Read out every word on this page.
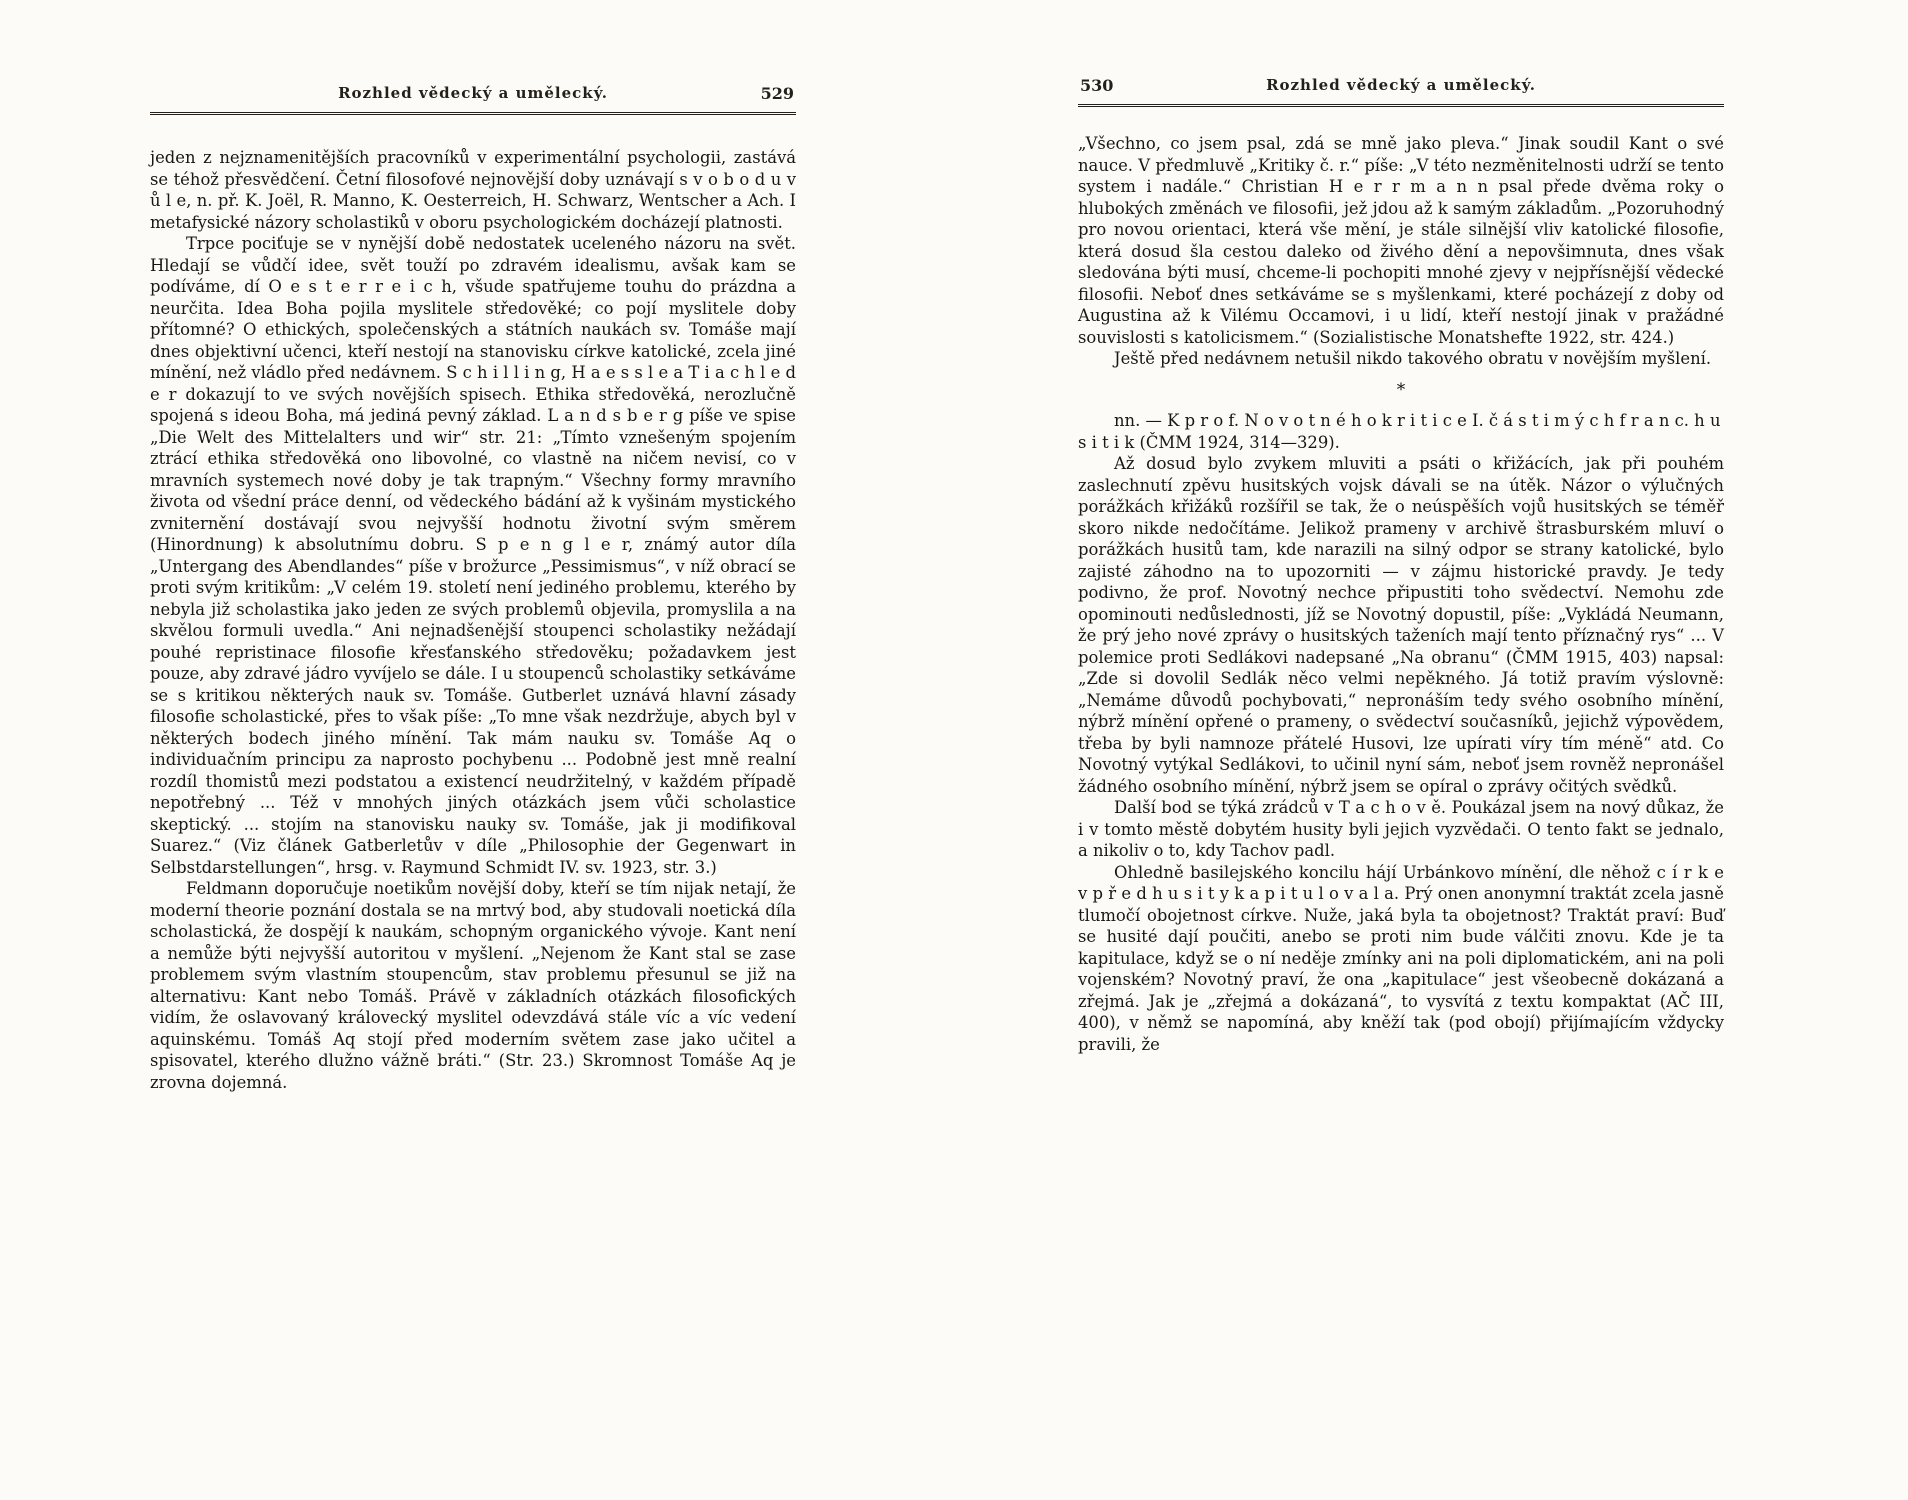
Rozhled vědecký a umělecký.	529

jeden z nejznamenitějších pracovníků v experimentální psychologii, zastává se téhož přesvědčení. Četní filosofové nejnovější doby uznávají s v o b o d u v ů l e, n. př. K. Joël, R. Manno, K. Oesterreich, H. Schwarz, Wentscher a Ach. I metafysické názory scholastiků v oboru psychologickém docházejí platnosti.

Trpce pociťuje se v nynější době nedostatek uceleného názoru na svět. Hledají se vůdčí idee, svět touží po zdravém idealismu, avšak kam se podíváme, dí O e s t e r r e i c h, všude spatřujeme touhu do prázdna a neurčita. Idea Boha pojila myslitele středověké; co pojí myslitele doby přítomné? O ethických, společenských a státních naukách sv. Tomáše mají dnes objektivní učenci, kteří nestojí na stanovisku církve katolické, zcela jiné mínění, než vládlo před nedávnem. S c h i l l i n g, H a e s s l e a T i a c h l e d e r dokazují to ve svých novějších spisech. Ethika středověká, nerozlučně spojená s ideou Boha, má jediná pevný základ. L a n d s b e r g píše ve spise „Die Welt des Mittelalters und wir“ str. 21: „Tímto vznešeným spojením ztrácí ethika středověká ono libovolné, co vlastně na ničem nevisí, co v mravních systemech nové doby je tak trapným.“ Všechny formy mravního života od všední práce denní, od vědeckého bádání až k vyšinám mystického zvniternění dostávají svou nejvyšší hodnotu životní svým směrem (Hinordnung) k absolutnímu dobru. S p e n g l e r, známý autor díla „Untergang des Abendlandes“ píše v brožurce „Pessimismus“, v níž obrací se proti svým kritikům: „V celém 19. století není jediného problemu, kterého by nebyla již scholastika jako jeden ze svých problemů objevila, promyslila a na skvělou formuli uvedla.“ Ani nejnadšenější stoupenci scholastiky nežádají pouhé repristinace filosofie křesťanského středověku; požadavkem jest pouze, aby zdravé jádro vyvíjelo se dále. I u stoupenců scholastiky setkáváme se s kritikou některých nauk sv. Tomáše. Gutberlet uznává hlavní zásady filosofie scholastické, přes to však píše: „To mne však nezdržuje, abych byl v některých bodech jiného mínění. Tak mám nauku sv. Tomáše Aq o individuačním principu za naprosto pochybenu ... Podobně jest mně realní rozdíl thomistů mezi podstatou a existencí neudržitelný, v každém případě nepotřebný ... Též v mnohých jiných otázkách jsem vůči scholastice skeptický. ... stojím na stanovisku nauky sv. Tomáše, jak ji modifikoval Suarez.“ (Viz článek Gatberletův v díle „Philosophie der Gegenwart in Selbstdarstellungen“, hrsg. v. Raymund Schmidt IV. sv. 1923, str. 3.)

Feldmann doporučuje noetikům novější doby, kteří se tím nijak netají, že moderní theorie poznání dostala se na mrtvý bod, aby studovali noetická díla scholastická, že dospějí k naukám, schopným organického vývoje. Kant není a nemůže býti nejvyšší autoritou v myšlení. „Nejenom že Kant stal se zase problemem svým vlastním stoupencům, stav problemu přesunul se již na alternativu: Kant nebo Tomáš. Právě v základních otázkách filosofických vidím, že oslavovaný královecký myslitel odevzdává stále víc a víc vedení aquinskému. Tomáš Aq stojí před moderním světem zase jako učitel a spisovatel, kterého dlužno vážně bráti.“ (Str. 23.) Skromnost Tomáše Aq je zrovna dojemná.

Rozhled vědecký a umělecký.
530

„Všechno, co jsem psal, zdá se mně jako pleva.“ Jinak soudil Kant o své nauce. V předmluvě „Kritiky č. r.“ píše: „V této nezměnitelnosti udrží se tento system i nadále.“ Christian H e r r m a n n psal přede dvěma roky o hlubokých změnách ve filosofii, jež jdou až k samým základům. „Pozoruhodný pro novou orientaci, která vše mění, je stále silnější vliv katolické filosofie, která dosud šla cestou daleko od živého dění a nepovšimnuta, dnes však sledována býti musí, chceme-li pochopiti mnohé zjevy v nejpřísnější vědecké filosofii. Neboť dnes setkáváme se s myšlenkami, které pocházejí z doby od Augustina až k Vilému Occamovi, i u lidí, kteří nestojí jinak v pražádné souvislosti s katolicismem.“ (Sozialistische Monatshefte 1922, str. 424.)

Ještě před nedávnem netušil nikdo takového obratu v novějším myšlení.

*

nn. — K p r o f. N o v o t n é h o k r i t i c e I. č á s t i m ý c h f r a n c. h u s i t i k (ČMM 1924, 314—329).

Až dosud bylo zvykem mluviti a psáti o křižácích, jak při pouhém zaslechnutí zpěvu husitských vojsk dávali se na útěk. Názor o výlučných porážkách křižáků rozšířil se tak, že o neúspěších vojů husitských se téměř skoro nikde nedočítáme. Jelikož prameny v archivě štrasburském mluví o porážkách husitů tam, kde narazili na silný odpor se strany katolické, bylo zajisté záhodno na to upozorniti — v zájmu historické pravdy. Je tedy podivno, že prof. Novotný nechce připustiti toho svědectví. Nemohu zde opominouti nedůslednosti, jíž se Novotný dopustil, píše: „Vykládá Neumann, že prý jeho nové zprávy o husitských taženích mají tento příznačný rys“ ... V polemice proti Sedlákovi nadepsané „Na obranu“ (ČMM 1915, 403) napsal: „Zde si dovolil Sedlák něco velmi nepěkného. Já totiž pravím výslovně: „Nemáme důvodů pochybovati,“ nepronáším tedy svého osobního mínění, nýbrž mínění opřené o prameny, o svědectví současníků, jejichž výpovědem, třeba by byli namnoze přátelé Husovi, lze upírati víry tím méně“ atd. Co Novotný vytýkal Sedlákovi, to učinil nyní sám, neboť jsem rovněž nepronášel žádného osobního mínění, nýbrž jsem se opíral o zprávy očitých svědků.

Další bod se týká zrádců v T a c h o v ě. Poukázal jsem na nový důkaz, že i v tomto městě dobytém husity byli jejich vyzvědači. O tento fakt se jednalo, a nikoliv o to, kdy Tachov padl.

Ohledně basilejského koncilu hájí Urbánkovo mínění, dle něhož c í r k e v p ř e d h u s i t y k a p i t u l o v a l a. Prý onen anonymní traktát zcela jasně tlumočí obojetnost církve. Nuže, jaká byla ta obojetnost? Traktát praví: Buď se husité dají poučiti, anebo se proti nim bude válčiti znovu. Kde je ta kapitulace, když se o ní neděje zmínky ani na poli diplomatickém, ani na poli vojenském? Novotný praví, že ona „kapitulace“ jest všeobecně dokázaná a zřejmá. Jak je „zřejmá a dokázaná“, to vysvítá z textu kompaktat (AČ III, 400), v němž se napomíná, aby kněží tak (pod obojí) přijímajícím vždycky pravili, že
